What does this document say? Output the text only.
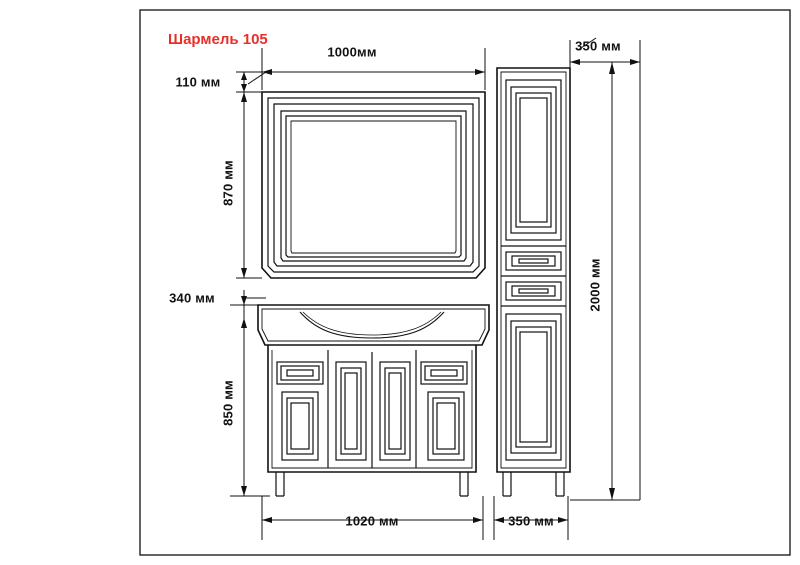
Шармель 105
1000мм	350 мм
110 мм
870 мм
340 мм
850 мм
2000 мм
1020 мм	350 мм
